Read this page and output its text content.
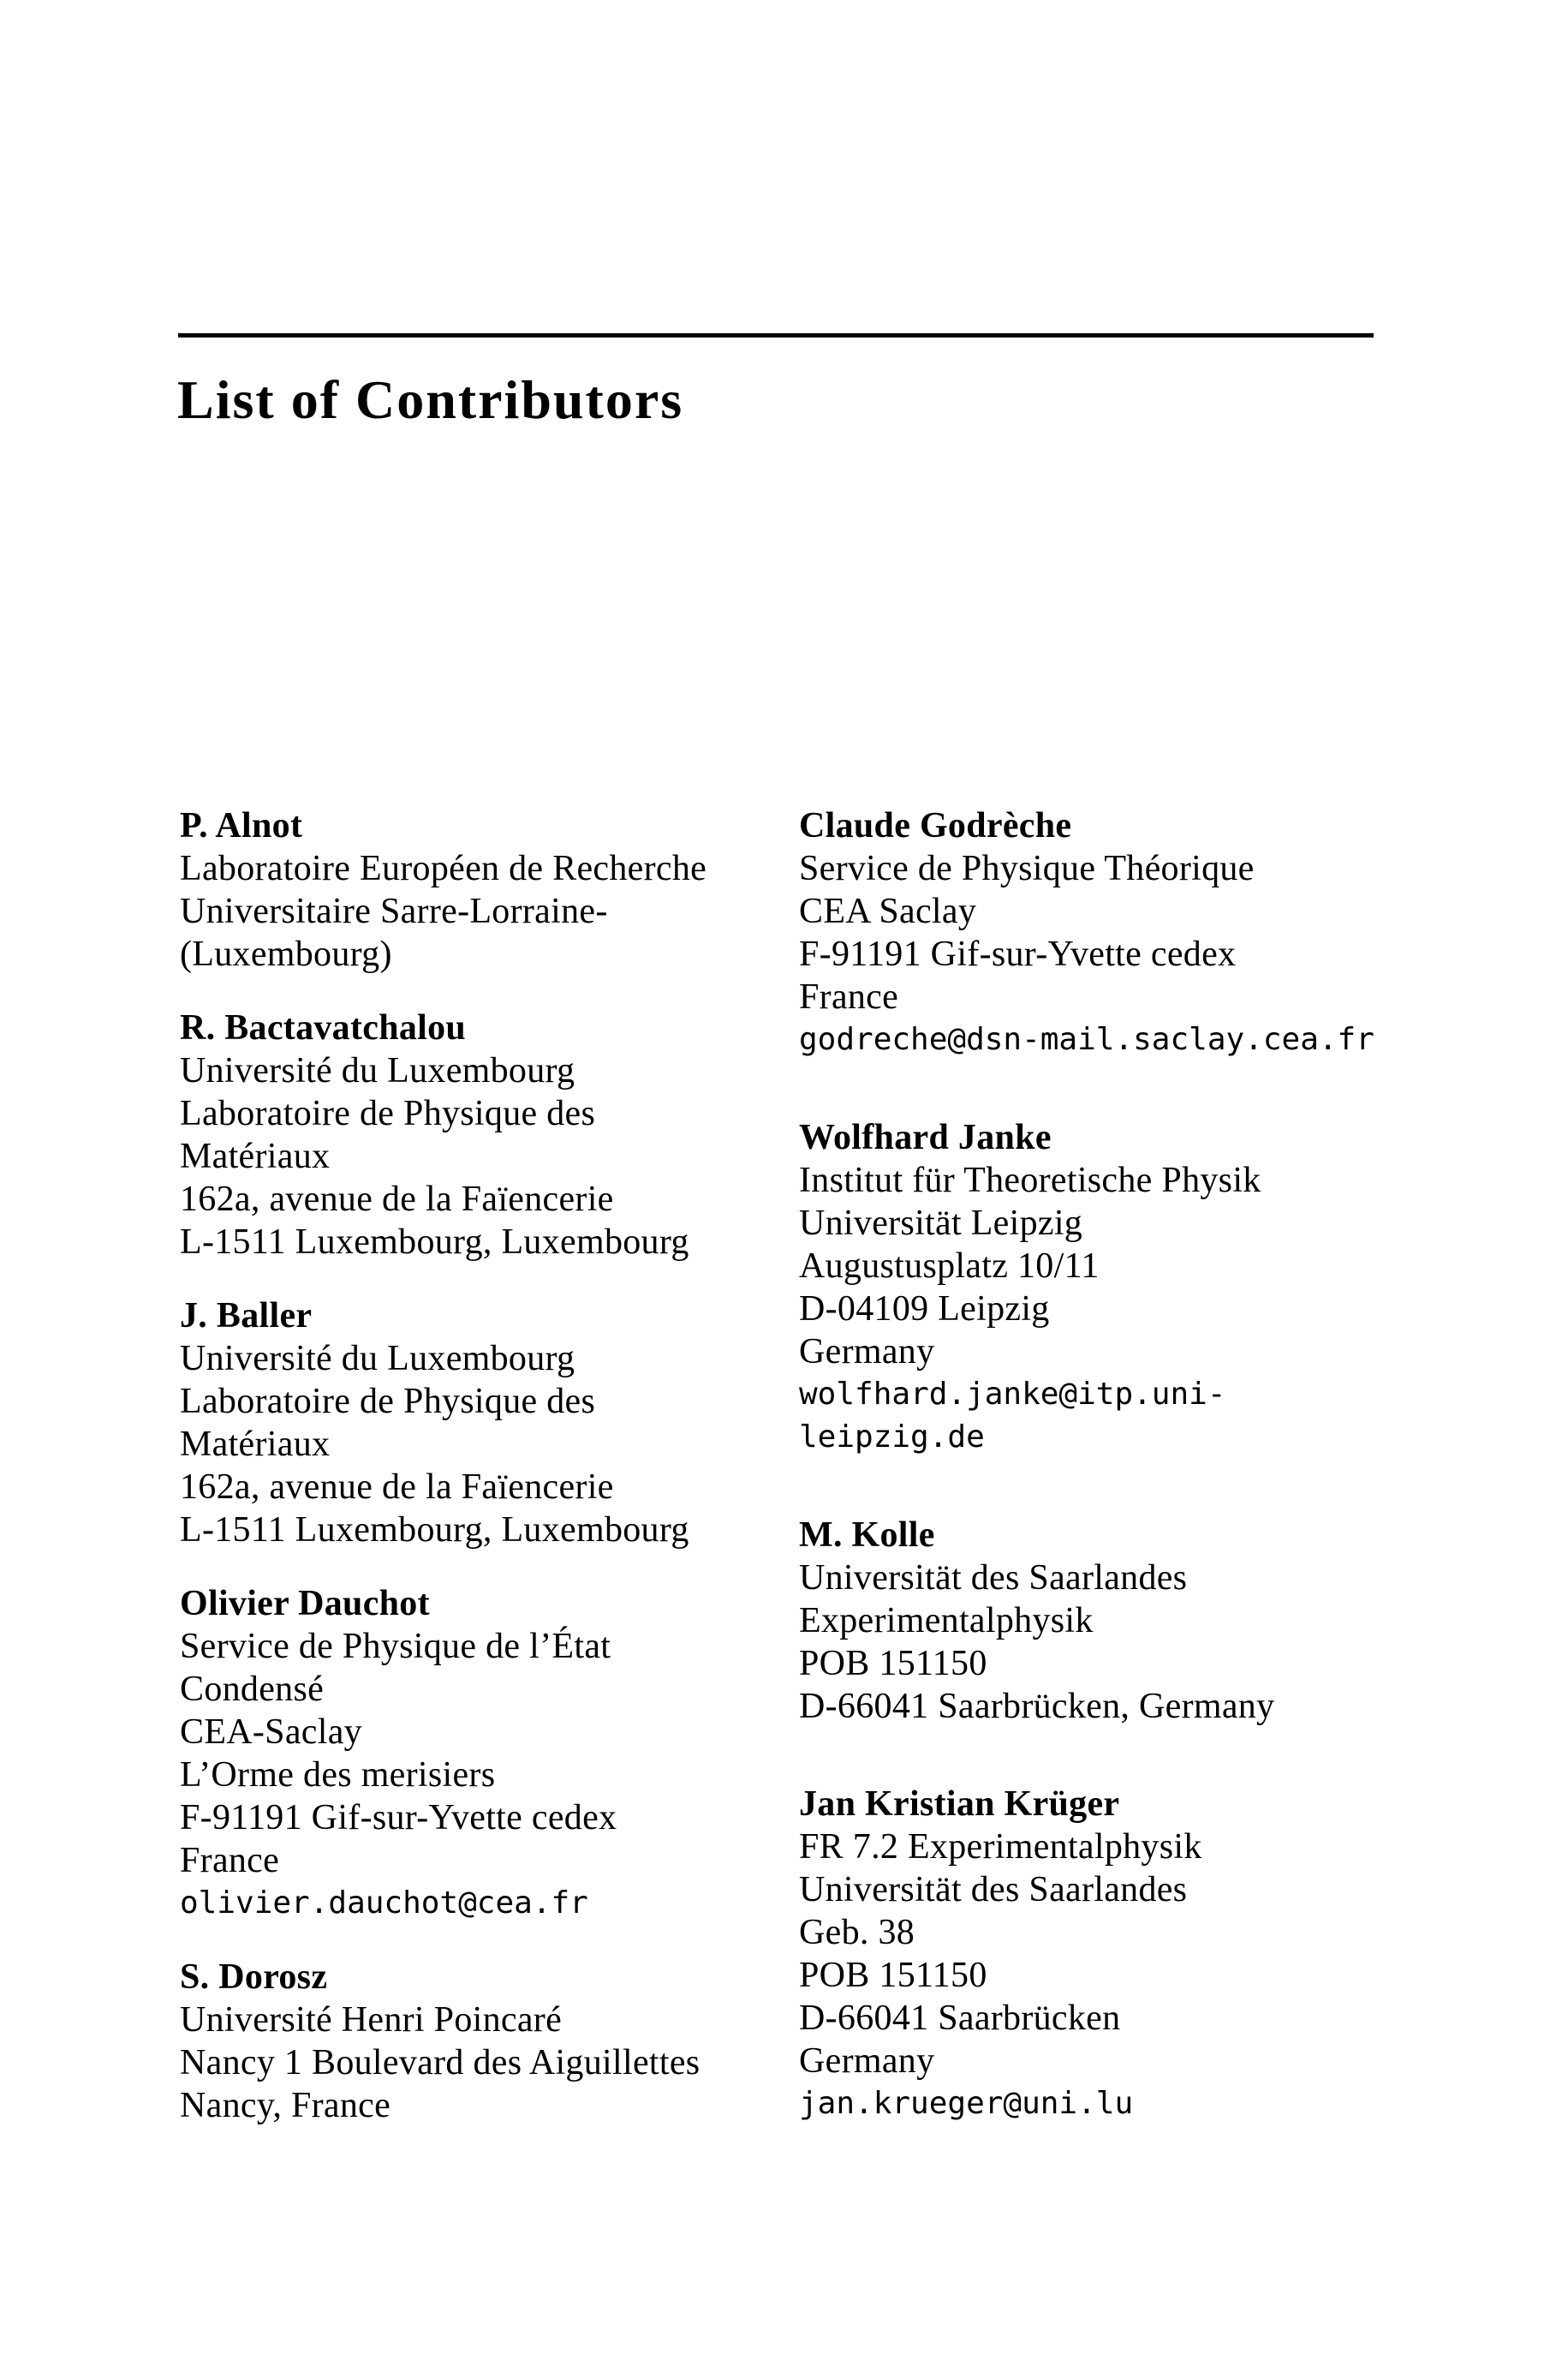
List of Contributors
P. Alnot
Laboratoire Européen de Recherche
Universitaire Sarre-Lorraine-
(Luxembourg)
R. Bactavatchalou
Université du Luxembourg
Laboratoire de Physique des
Matériaux
162a, avenue de la Faïencerie
L-1511 Luxembourg, Luxembourg
J. Baller
Université du Luxembourg
Laboratoire de Physique des
Matériaux
162a, avenue de la Faïencerie
L-1511 Luxembourg, Luxembourg
Olivier Dauchot
Service de Physique de l’État
Condensé
CEA-Saclay
L’Orme des merisiers
F-91191 Gif-sur-Yvette cedex
France
olivier.dauchot@cea.fr
S. Dorosz
Université Henri Poincaré
Nancy 1 Boulevard des Aiguillettes
Nancy, France
Claude Godrèche
Service de Physique Théorique
CEA Saclay
F-91191 Gif-sur-Yvette cedex
France
godreche@dsn-mail.saclay.cea.fr
Wolfhard Janke
Institut für Theoretische Physik
Universität Leipzig
Augustusplatz 10/11
D-04109 Leipzig
Germany
wolfhard.janke@itp.uni-
leipzig.de
M. Kolle
Universität des Saarlandes
Experimentalphysik
POB 151150
D-66041 Saarbrücken, Germany
Jan Kristian Krüger
FR 7.2 Experimentalphysik
Universität des Saarlandes
Geb. 38
POB 151150
D-66041 Saarbrücken
Germany
jan.krueger@uni.lu
